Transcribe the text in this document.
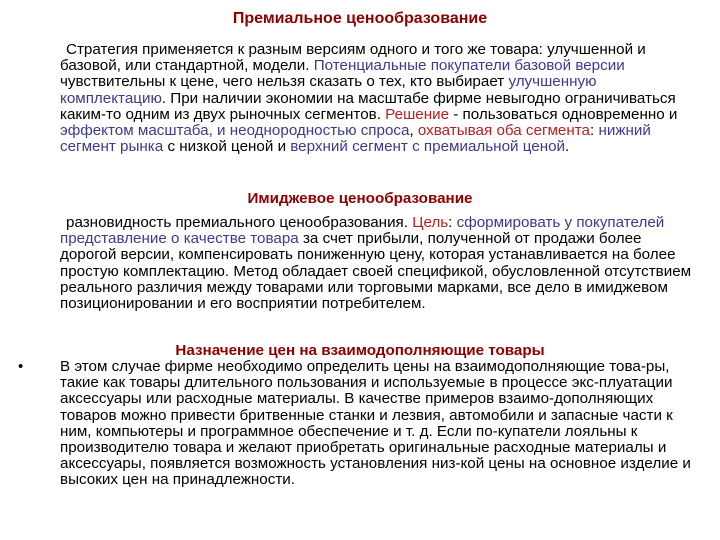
Премиальное ценообразование
Стратегия применяется к разным версиям одного и того же товара: улучшенной и базовой, или стандартной, модели. Потенциальные покупатели базовой версии чувствительны к цене, чего нельзя сказать о тех, кто выбирает улучшенную комплектацию. При наличии экономии на масштабе фирме невыгодно ограничиваться каким-то одним из двух рыночных сегментов. Решение - пользоваться одновременно и эффектом масштаба, и неоднородностью спроса, охватывая оба сегмента: нижний сегмент рынка с низкой ценой и верхний сегмент с премиальной ценой.
Имиджевое ценообразование
разновидность премиального ценообразования. Цель: сформировать у покупателей представление о качестве товара за счет прибыли, полученной от продажи более дорогой версии, компенсировать пониженную цену, которая устанавливается на более простую комплектацию. Метод обладает своей спецификой, обусловленной отсутствием реального различия между товарами или торговыми марками, все дело в имиджевом позиционировании и его восприятии потребителем.
Назначение цен на взаимодополняющие товары
• В этом случае фирме необходимо определить цены на взаимодополняющие това-ры, такие как товары длительного пользования и используемые в процессе экс-плуатации аксессуары или расходные материалы. В качестве примеров взаимо-дополняющих товаров можно привести бритвенные станки и лезвия, автомобили и запасные части к ним, компьютеры и программное обеспечение и т. д. Если по-купатели лояльны к производителю товара и желают приобретать оригинальные расходные материалы и аксессуары, появляется возможность установления низ-кой цены на основное изделие и высоких цен на принадлежности.
